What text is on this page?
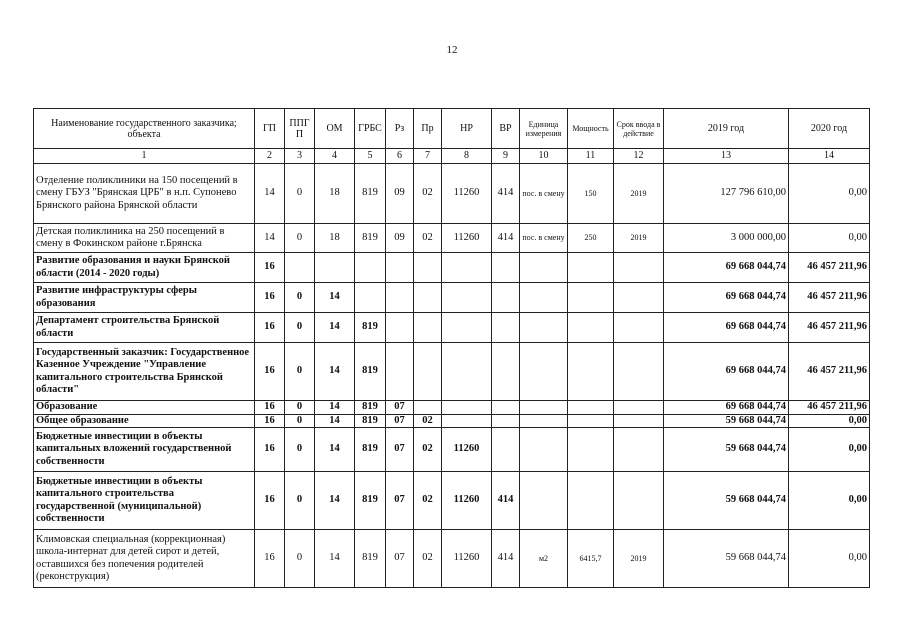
12
Наименование государственного заказчика; объекта	ГП	ППГ П	ОМ	ГРБС	Рз	Пр	НР	ВР	Единица измерения	Мощность	Срок ввода в действие	2019 год	2020 год
1	2	3	4	5	6	7	8	9	10	11	12	13	14
Отделение поликлиники на 150 посещений в смену ГБУЗ "Брянская ЦРБ" в н.п. Супонево Брянского района Брянской области	14	0	18	819	09	02	11260	414	пос. в смену	150	2019	127 796 610,00	0,00
Детская поликлиника на 250 посещений в смену в Фокинском районе г.Брянска	14	0	18	819	09	02	11260	414	пос. в смену	250	2019	3 000 000,00	0,00
Развитие образования и науки Брянской области (2014 - 2020 годы)	16											69 668 044,74	46 457 211,96
Развитие инфраструктуры сферы образования	16	0	14									69 668 044,74	46 457 211,96
Департамент строительства Брянской области	16	0	14	819								69 668 044,74	46 457 211,96
Государственный заказчик: Государственное Казенное Учреждение "Управление капитального строительства Брянской области"	16	0	14	819								69 668 044,74	46 457 211,96
Образование	16	0	14	819	07							69 668 044,74	46 457 211,96
Общее образование	16	0	14	819	07	02						59 668 044,74	0,00
Бюджетные инвестиции в объекты капитальных вложений государственной собственности	16	0	14	819	07	02	11260					59 668 044,74	0,00
Бюджетные инвестиции в объекты капитального строительства государственной (муниципальной) собственности	16	0	14	819	07	02	11260	414				59 668 044,74	0,00
Климовская специальная (коррекционная) школа-интернат для детей сирот и детей, оставшихся без попечения родителей (реконструкция)	16	0	14	819	07	02	11260	414	м2	6415,7	2019	59 668 044,74	0,00
